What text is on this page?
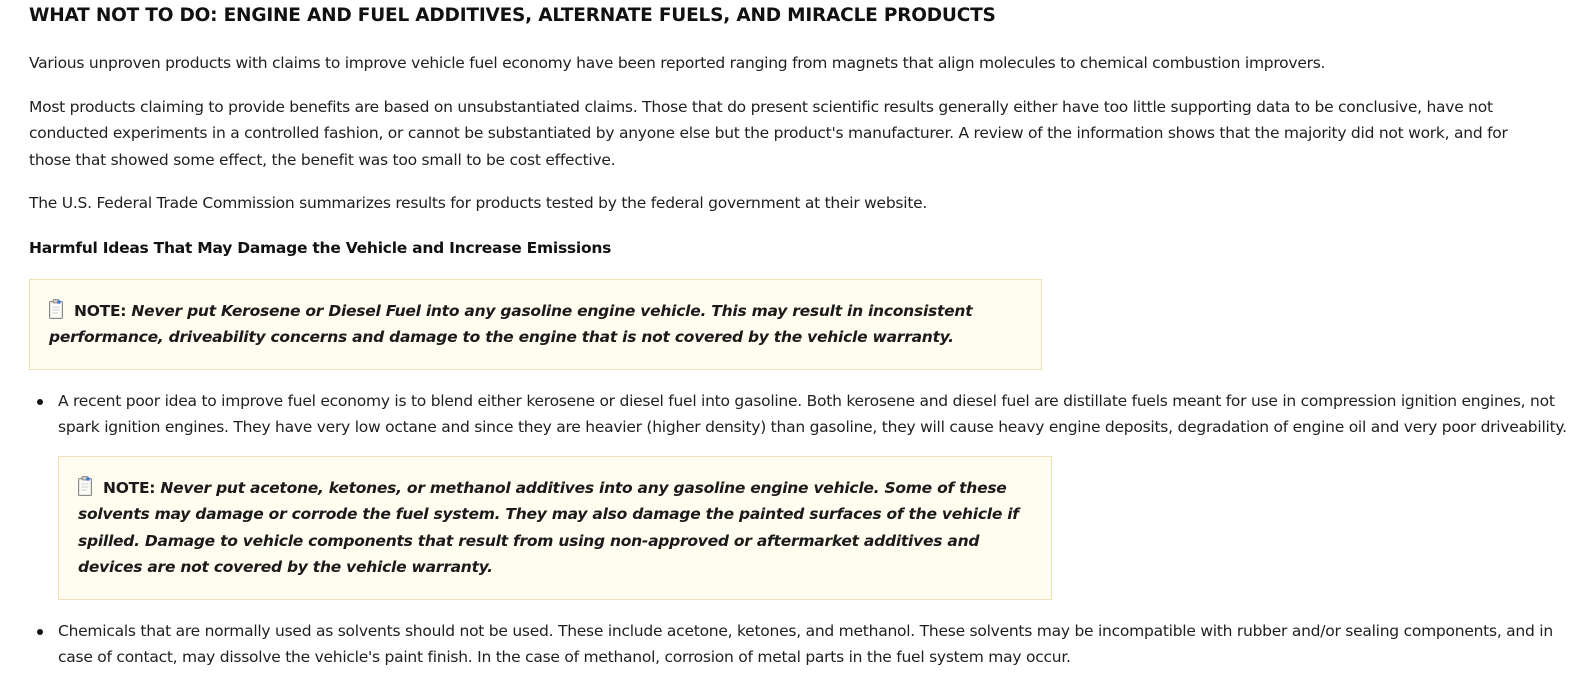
WHAT NOT TO DO: ENGINE AND FUEL ADDITIVES, ALTERNATE FUELS, AND MIRACLE PRODUCTS

Various unproven products with claims to improve vehicle fuel economy have been reported ranging from magnets that align molecules to chemical combustion improvers.

Most products claiming to provide benefits are based on unsubstantiated claims. Those that do present scientific results generally either have too little supporting data to be conclusive, have not conducted experiments in a controlled fashion, or cannot be substantiated by anyone else but the product's manufacturer. A review of the information shows that the majority did not work, and for those that showed some effect, the benefit was too small to be cost effective.

The U.S. Federal Trade Commission summarizes results for products tested by the federal government at their website.

Harmful Ideas That May Damage the Vehicle and Increase Emissions
NOTE: Never put Kerosene or Diesel Fuel into any gasoline engine vehicle. This may result in inconsistent performance, driveability concerns and damage to the engine that is not covered by the vehicle warranty.
A recent poor idea to improve fuel economy is to blend either kerosene or diesel fuel into gasoline. Both kerosene and diesel fuel are distillate fuels meant for use in compression ignition engines, not spark ignition engines. They have very low octane and since they are heavier (higher density) than gasoline, they will cause heavy engine deposits, degradation of engine oil and very poor driveability.
NOTE: Never put acetone, ketones, or methanol additives into any gasoline engine vehicle. Some of these solvents may damage or corrode the fuel system. They may also damage the painted surfaces of the vehicle if spilled. Damage to vehicle components that result from using non-approved or aftermarket additives and devices are not covered by the vehicle warranty.
Chemicals that are normally used as solvents should not be used. These include acetone, ketones, and methanol. These solvents may be incompatible with rubber and/or sealing components, and in case of contact, may dissolve the vehicle's paint finish. In the case of methanol, corrosion of metal parts in the fuel system may occur.
